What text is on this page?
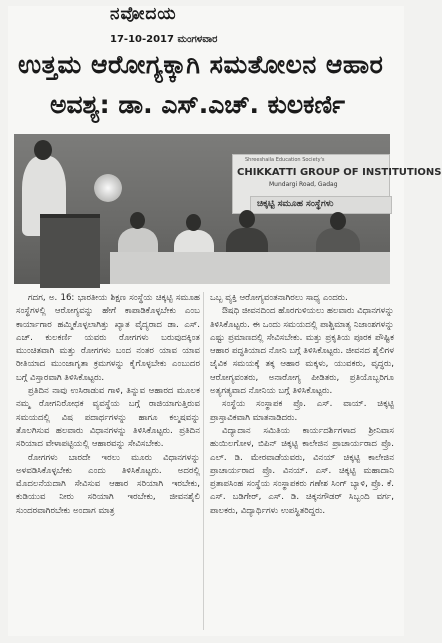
ನವೋದಯ
17-10-2017 ಮಂಗಳವಾರ
ಉತ್ತಮ ಆರೋಗ್ಯಕ್ಕಾಗಿ ಸಮತೋಲನ ಆಹಾರ
ಅವಶ್ಯ: ಡಾ. ಎಸ್.ಎಚ್. ಕುಲಕರ್ಣಿ
Shreeshaila Education Society's
CHIKKATTI GROUP OF INSTITUTIONS
Mundargi Road, Gadag
ಚಿಕ್ಕಟ್ಟಿ ಸಮೂಹ ಸಂಸ್ಥೆಗಳು

ಗದಗ, ಅ. 16: ಭಾರತೀಯ ಶಿಕ್ಷಣ ಸಂಸ್ಥೆಯ ಚಿಕ್ಕಟ್ಟಿ ಸಮೂಹ ಸಂಸ್ಥೆಗಳಲ್ಲಿ ಆರೋಗ್ಯವನ್ನು ಹೇಗೆ ಕಾಪಾಡಿಕೊಳ್ಳಬೇಕು ಎಂಬ ಕಾರ್ಯಾಗಾರ ಹಮ್ಮಿಕೊಳ್ಳಲಾಗಿತ್ತು ಖ್ಯಾತ ವೈದ್ಯರಾದ ಡಾ. ಎಸ್. ಎಚ್. ಕುಲಕರ್ಣಿ ಯವರು ರೋಗಗಳು ಬರುವುದಕ್ಕಿಂತ ಮುಂಚಿತವಾಗಿ ಮತ್ತು ರೋಗಗಳು ಬಂದ ನಂತರ ಯಾವ ಯಾವ ರೀತಿಯಾದ ಮುಂಜಾಗೃತಾ ಕ್ರಮಗಳನ್ನು ಕೈಗೊಳ್ಳಬೇಕು ಎಂಬುದರ ಬಗ್ಗೆ ವಿಸ್ತಾರವಾಗಿ ತಿಳಿಸಿಕೊಟ್ಟರು.

ಪ್ರತಿದಿನ ನಾವು ಉಸಿರಾಡುವ ಗಾಳಿ, ತಿನ್ನುವ ಆಹಾರದ ಮೂಲಕ ನಮ್ಮ ರೋಗನಿರೋಧಕ ವ್ಯವಸ್ಥೆಯ ಬಗ್ಗೆ ರಾಜಿಯಾಗುತ್ತಿರುವ ಸಮಯದಲ್ಲಿ ವಿಷ ಪದಾರ್ಥಗಳನ್ನು ಹಾಗೂ ಕಲ್ಮಷವನ್ನು ತೊಲಗಿಸುವ ಹಲವಾರು ವಿಧಾನಗಳನ್ನು ತಿಳಿಸಿಕೊಟ್ಟರು. ಪ್ರತಿದಿನ ಸರಿಯಾದ ವೇಳಾಪಟ್ಟಿಯಲ್ಲಿ ಆಹಾರವನ್ನು ಸೇವಿಸಬೇಕು.

ರೋಗಗಳು ಬಾರದೇ ಇರಲು ಮೂರು ವಿಧಾನಗಳನ್ನು ಅಳವಡಿಸಿಕೊಳ್ಳಬೇಕು ಎಂದು ತಿಳಿಸಿಕೊಟ್ಟರು. ಅದರಲ್ಲಿ ಮೊದಲನೆಯದಾಗಿ ಸೇವಿಸುವ ಆಹಾರ ಸರಿಯಾಗಿ ಇರಬೇಕು, ಕುಡಿಯುವ ನೀರು ಸರಿಯಾಗಿ ಇರಬೇಕು, ಜೀವನಶೈಲಿ ಸುಂದರವಾಗಿರಬೇಕು ಅಂದಾಗ ಮಾತ್ರ

ಒಬ್ಬ ವ್ಯಕ್ತಿ ಆರೋಗ್ಯವಂತನಾಗಿರಲು ಸಾಧ್ಯ ಎಂದರು.

ಔಷಧಿ ಜೀವನದಿಂದ ಹೊರಗುಳಿಯಲು ಹಲವಾರು ವಿಧಾನಗಳನ್ನು ತಿಳಿಸಿಕೊಟ್ಟರು. ಈ ಒಂದು ಸಮಯದಲ್ಲಿ ಪಾಶ್ಚಿಮಾತ್ಯ ನಿಜಾಂಶಗಳನ್ನು ಎಷ್ಟು ಪ್ರಮಾಣದಲ್ಲಿ ಸೇವಿಸಬೇಕು. ಮತ್ತು ಪ್ರಕೃತಿಯ ಪೂರಕ ಪೌಷ್ಟಿಕ ಆಹಾರ ಪದ್ಧತಿಯಾದ ನೋನಿ ಬಗ್ಗೆ ತಿಳಿಸಿಕೊಟ್ಟರು. ಜೀವನದ ಶೈಲಿಗಳ ಜೈವಿಕ ಸಮಯಕ್ಕೆ ತಕ್ಕ ಆಹಾರ ಮಕ್ಕಳು, ಯುವಕರು, ವೃದ್ಧರು, ಆರೋಗ್ಯವಂತರು, ಅನಾರೋಗ್ಯ ಪೀಡಿತರು, ಪ್ರತಿಯೊಬ್ಬರಿಗೂ ಅತ್ಯಗತ್ಯವಾದ ನೋನಿಯ ಬಗ್ಗೆ ತಿಳಿಸಿಕೊಟ್ಟರು.

ಸಂಸ್ಥೆಯ ಸಂಸ್ಥಾಪಕ ಪ್ರೊ. ಎಸ್. ವಾಯ್. ಚಿಕ್ಕಟ್ಟಿ ಪ್ರಾಸ್ತಾವಿಕವಾಗಿ ಮಾತನಾಡಿದರು.

ವಿದ್ಯಾದಾನ ಸಮಿತಿಯ ಕಾರ್ಯದರ್ಶಿಗಳಾದ ಶ್ರೀನಿವಾಸ ಹುಯಿಲಗೋಳ, ಬಿಪಿನ್ ಚಿಕ್ಕಟ್ಟಿ ಕಾಲೇಜಿನ ಪ್ರಾಚಾರ್ಯರಾದ ಪ್ರೊ. ಎಲ್. ಡಿ. ಮೇರವಾಡೆಯವರು, ವಿನಯ್ ಚಿಕ್ಕಟ್ಟಿ ಕಾಲೇಜಿನ ಪ್ರಾಚಾರ್ಯರಾದ ಪ್ರೊ. ವಿನಯ್. ಎಸ್. ಚಿಕ್ಕಟ್ಟಿ ಮಹಾದಾನಿ ಪ್ರತಾಪಸಿಂಹ ಸಂಸ್ಥೆಯ ಸಂಸ್ಥಾಪಕರು ಗಣೇಶ ಸಿಂಗ್ ಬ್ಯಾಳಿ, ಪ್ರೊ. ಕೆ. ಎಸ್. ಬಡಿಗೇರ್, ಎಸ್. ಡಿ. ಚಿಕ್ಕನಗೌಡರ್ ಸಿಬ್ಬಂದಿ ವರ್ಗ, ಪಾಲಕರು, ವಿದ್ಯಾರ್ಥಿಗಳು ಉಪಸ್ಥಿತರಿದ್ದರು.
